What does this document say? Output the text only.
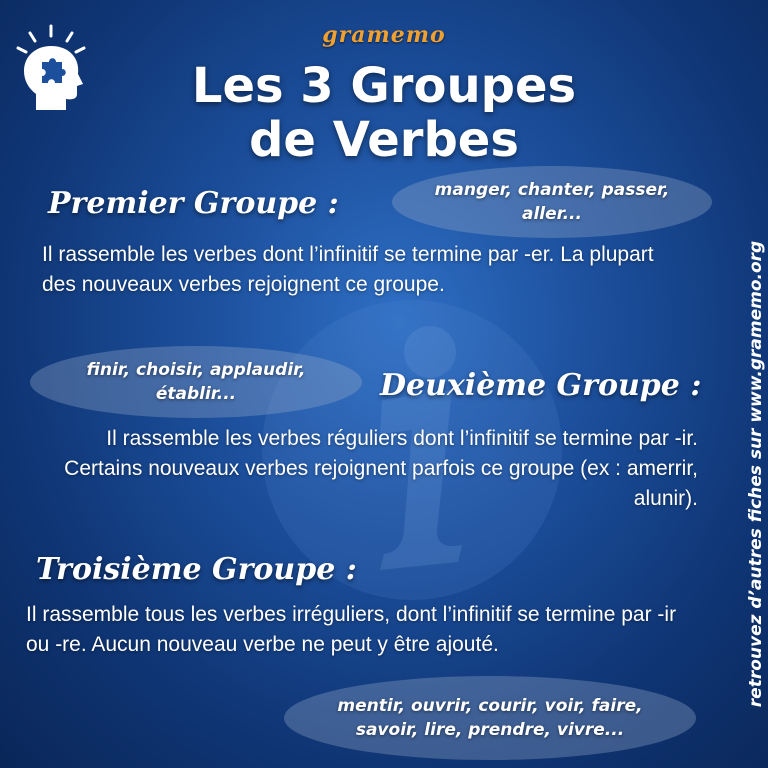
gramemo
Les 3 Groupes
de Verbes
Premier Groupe :	manger, chanter, passer,
aller...
Il rassemble les verbes dont l’infinitif se termine par -er. La plupart des nouveaux verbes rejoignent ce groupe.
finir, choisir, applaudir,
établir...	Deuxième Groupe :
Il rassemble les verbes réguliers dont l’infinitif se termine par -ir. Certains nouveaux verbes rejoignent parfois ce groupe (ex : amerrir, alunir).
Troisième Groupe :
Il rassemble tous les verbes irréguliers, dont l’infinitif se termine par -ir ou -re. Aucun nouveau verbe ne peut y être ajouté.
mentir, ouvrir, courir, voir, faire,
savoir, lire, prendre, vivre...
retrouvez d’autres fiches sur www.gramemo.org
